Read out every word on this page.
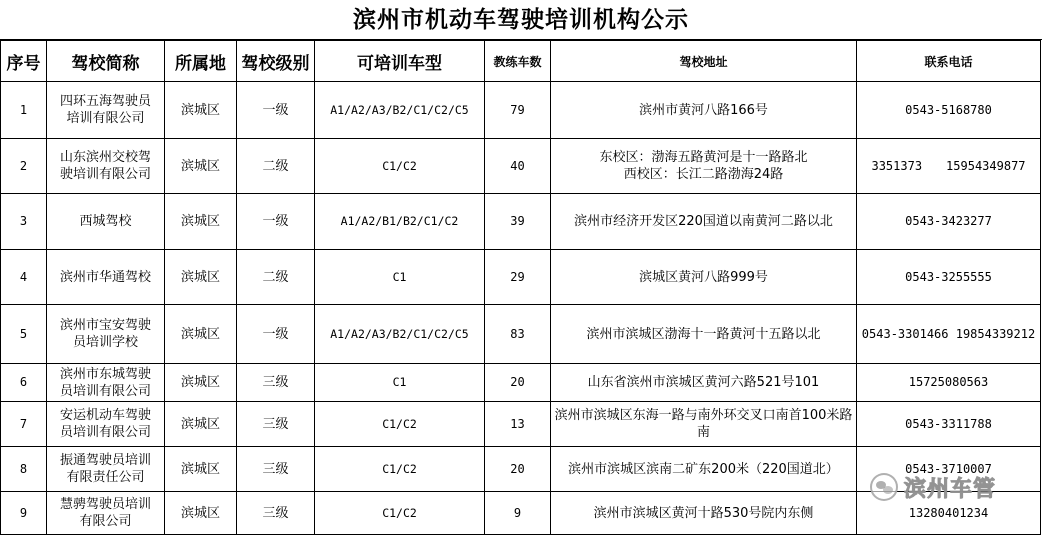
滨州市机动车驾驶培训机构公示
序号	驾校简称	所属地	驾校级别	可培训车型	教练车数	驾校地址	联系电话
1	四环五海驾驶员培训有限公司	滨城区	一级	A1/A2/A3/B2/C1/C2/C5	79	滨州市黄河八路166号	0543-5168780
2	山东滨州交校驾驶培训有限公司	滨城区	二级	C1/C2	40	东校区：渤海五路黄河是十一路路北
西校区：长江二路渤海24路	3351373　　15954349877
3	西城驾校	滨城区	一级	A1/A2/B1/B2/C1/C2	39	滨州市经济开发区220国道以南黄河二路以北	0543-3423277
4	滨州市华通驾校	滨城区	二级	C1	29	滨城区黄河八路999号	0543-3255555
5	滨州市宝安驾驶员培训学校	滨城区	一级	A1/A2/A3/B2/C1/C2/C5	83	滨州市滨城区渤海十一路黄河十五路以北	0543-3301466 19854339212
6	滨州市东城驾驶员培训有限公司	滨城区	三级	C1	20	山东省滨州市滨城区黄河六路521号101	15725080563
7	安运机动车驾驶员培训有限公司	滨城区	三级	C1/C2	13	滨州市滨城区东海一路与南外环交叉口南首100米路南	0543-3311788
8	振通驾驶员培训有限责任公司	滨城区	三级	C1/C2	20	滨州市滨城区滨南二矿东200米（220国道北）	0543-3710007
9	慧骋驾驶员培训有限公司	滨城区	三级	C1/C2	9	滨州市滨城区黄河十路530号院内东侧	13280401234
滨州车管
